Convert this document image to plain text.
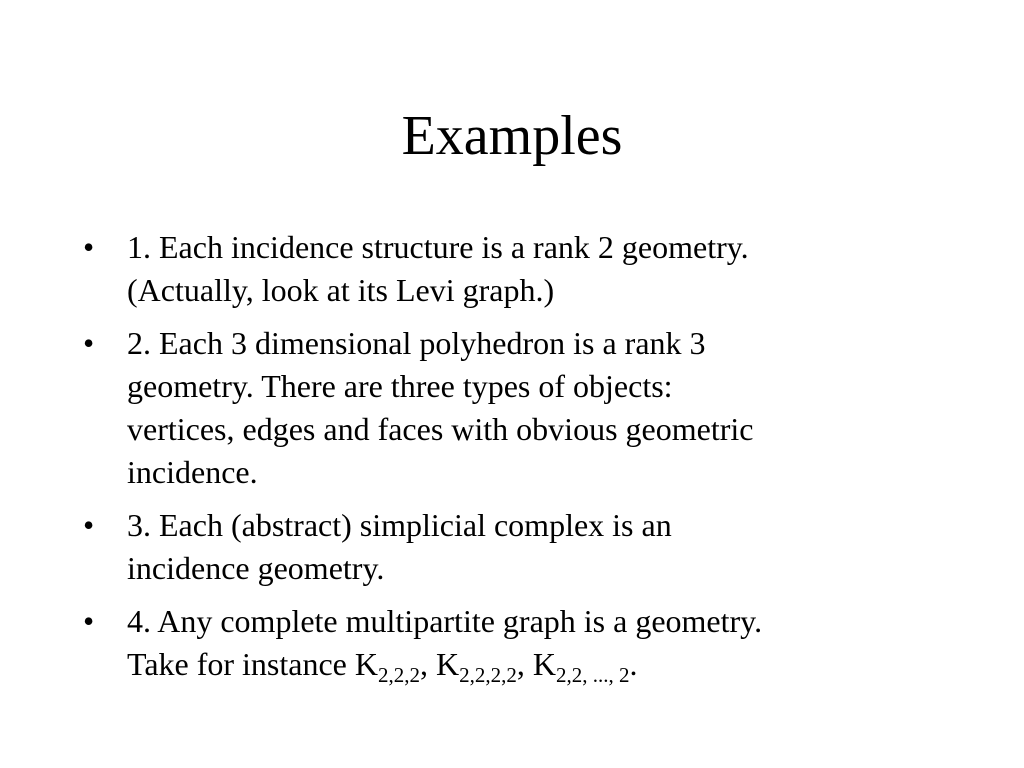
Examples
• 1. Each incidence structure is a rank 2 geometry.
(Actually, look at its Levi graph.)
• 2. Each 3 dimensional polyhedron is a rank 3
geometry. There are three types of objects:
vertices, edges and faces with obvious geometric
incidence.
• 3. Each (abstract) simplicial complex is an
incidence geometry.
• 4. Any complete multipartite graph is a geometry.
Take for instance $K_{2,2,2}$, $K_{2,2,2,2}$, $K_{2,2, ..., 2}$.
